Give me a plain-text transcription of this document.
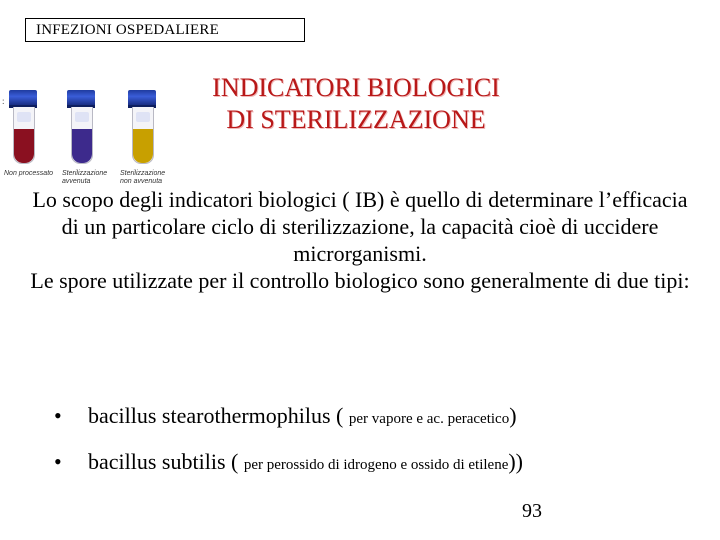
INFEZIONI OSPEDALIERE
:
Non processato	Sterilizzazione avvenuta
Sterilizzazione non avvenuta
INDICATORI BIOLOGICI
DI STERILIZZAZIONE

Lo scopo degli indicatori biologici ( IB) è quello di determinare l’efficacia di un particolare ciclo di sterilizzazione, la capacità cioè di uccidere microrganismi.

Le spore utilizzate per il controllo biologico sono generalmente di due tipi:

• bacillus stearothermophilus ( per vapore e ac. peracetico)
• bacillus subtilis ( per perossido di idrogeno e ossido di etilene))
93
